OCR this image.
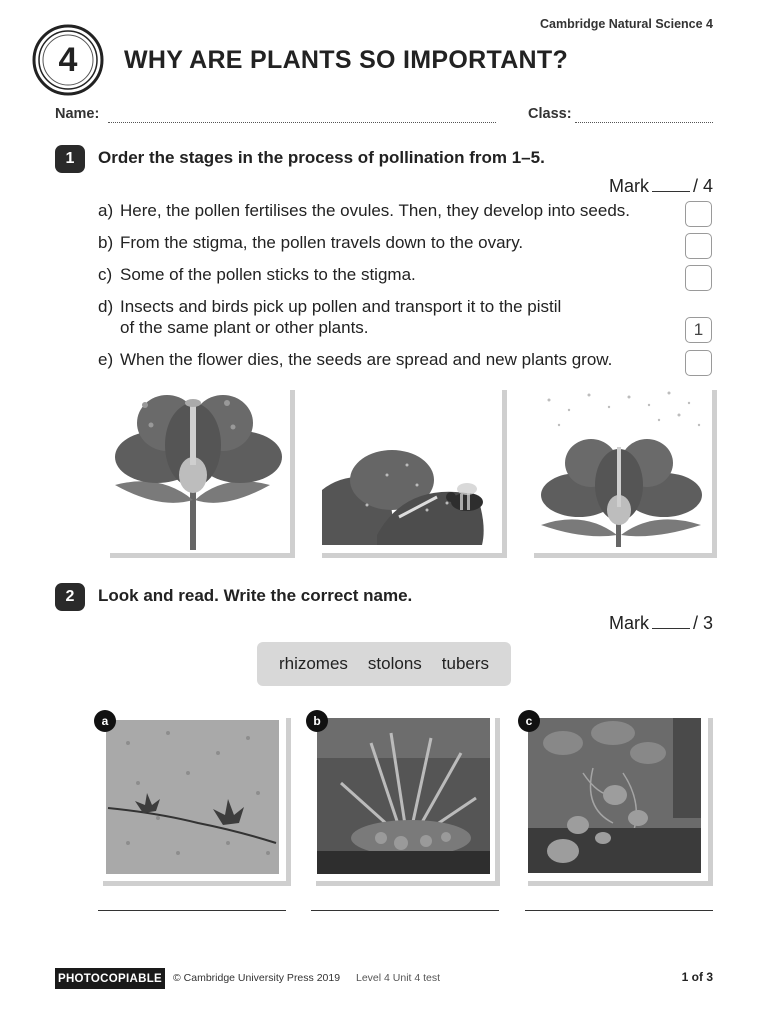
Cambridge Natural Science 4
4	WHY ARE PLANTS SO IMPORTANT?
Name:	Class:
1	Order the stages in the process of pollination from 1–5.
Mark / 4
a) Here, the pollen fertilises the ovules. Then, they develop into seeds.
b) From the stigma, the pollen travels down to the ovary.
c) Some of the pollen sticks to the stigma.
d) Insects and birds pick up pollen and transport it to the pistil
of the same plant or other plants.	1
e) When the flower dies, the seeds are spread and new plants grow.
2	Look and read. Write the correct name.
Mark / 3
rhizomes stolons tubers
a	b	c
PHOTOCOPIABLE © Cambridge University Press 2019 Level 4 Unit 4 test	1 of 3
